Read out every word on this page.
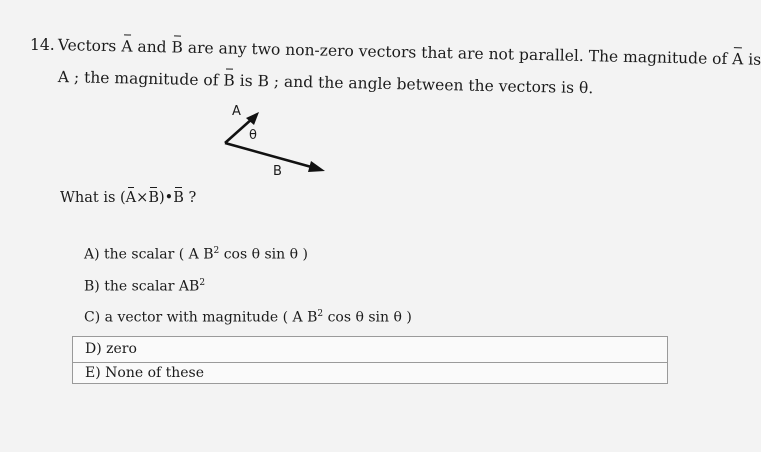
14. Vectors A and B are any two non-zero vectors that are not parallel. The magnitude of A is
A ; the magnitude of B is B ; and the angle between the vectors is θ.
A
θ
B
What is (A×B)•B ?
A) the scalar ( A $B^2$ cos θ sin θ )
B) the scalar $AB^2$
C) a vector with magnitude ( A $B^2$ cos θ sin θ )
D) zero
E) None of these
